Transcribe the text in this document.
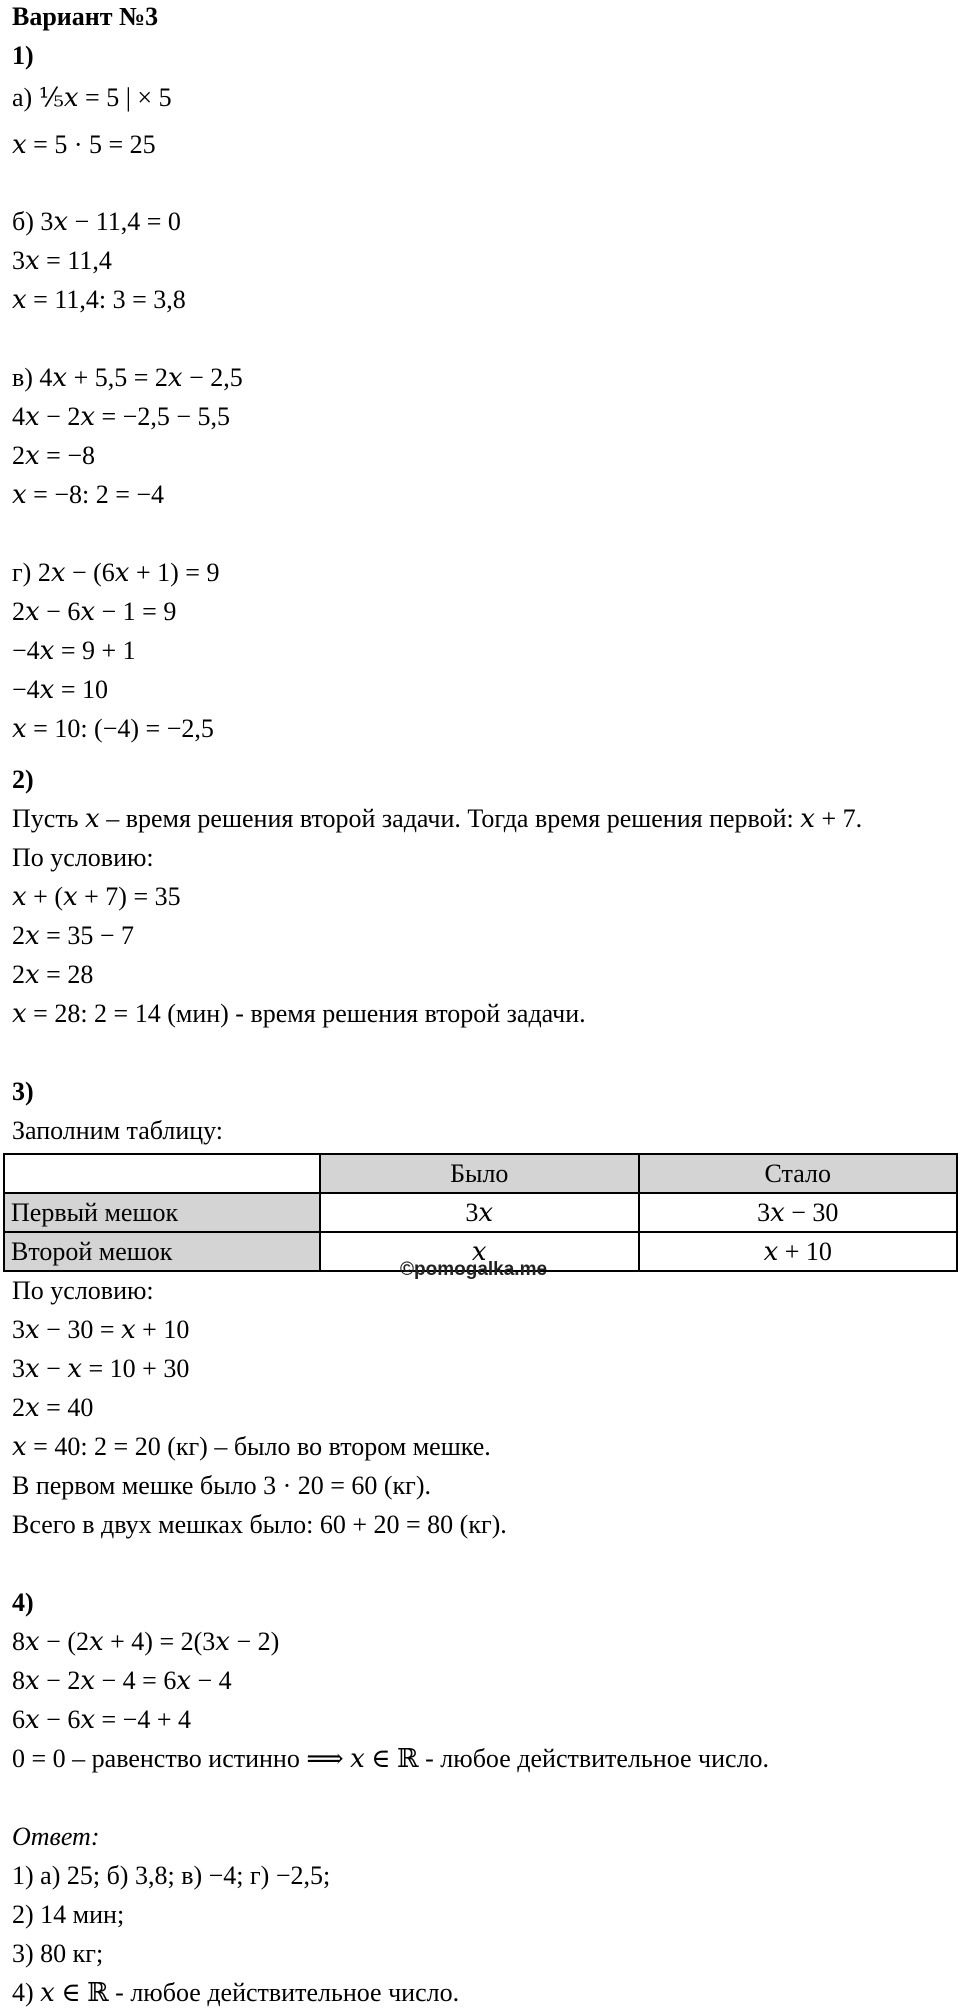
Вариант №3
1)
а) ⅕𝑥 = 5 | × 5
𝑥 = 5 · 5 = 25
б) 3𝑥 − 11,4 = 0
3𝑥 = 11,4
𝑥 = 11,4: 3 = 3,8
в) 4𝑥 + 5,5 = 2𝑥 − 2,5
4𝑥 − 2𝑥 = −2,5 − 5,5
2𝑥 = −8
𝑥 = −8: 2 = −4
г) 2𝑥 − (6𝑥 + 1) = 9
2𝑥 − 6𝑥 − 1 = 9
−4𝑥 = 9 + 1
−4𝑥 = 10
𝑥 = 10: (−4) = −2,5
2)
Пусть 𝑥 – время решения второй задачи. Тогда время решения первой: 𝑥 + 7.
По условию:
𝑥 + (𝑥 + 7) = 35
2𝑥 = 35 − 7
2𝑥 = 28
𝑥 = 28: 2 = 14 (мин) - время решения второй задачи.
3)
Заполним таблицу:
	Было	Стало
Первый мешок	3𝑥	3𝑥 − 30
Второй мешок	𝑥	𝑥 + 10
©pomogalka.me
По условию:
3𝑥 − 30 = 𝑥 + 10
3𝑥 − 𝑥 = 10 + 30
2𝑥 = 40
𝑥 = 40: 2 = 20 (кг) – было во втором мешке.
В первом мешке было 3 · 20 = 60 (кг).
Всего в двух мешках было: 60 + 20 = 80 (кг).
4)
8𝑥 − (2𝑥 + 4) = 2(3𝑥 − 2)
8𝑥 − 2𝑥 − 4 = 6𝑥 − 4
6𝑥 − 6𝑥 = −4 + 4
0 = 0 – равенство истинно ⟹ 𝑥 ∈ ℝ - любое действительное число.
Ответ:
1) а) 25; б) 3,8; в) −4; г) −2,5;
2) 14 мин;
3) 80 кг;
4) 𝑥 ∈ ℝ - любое действительное число.
